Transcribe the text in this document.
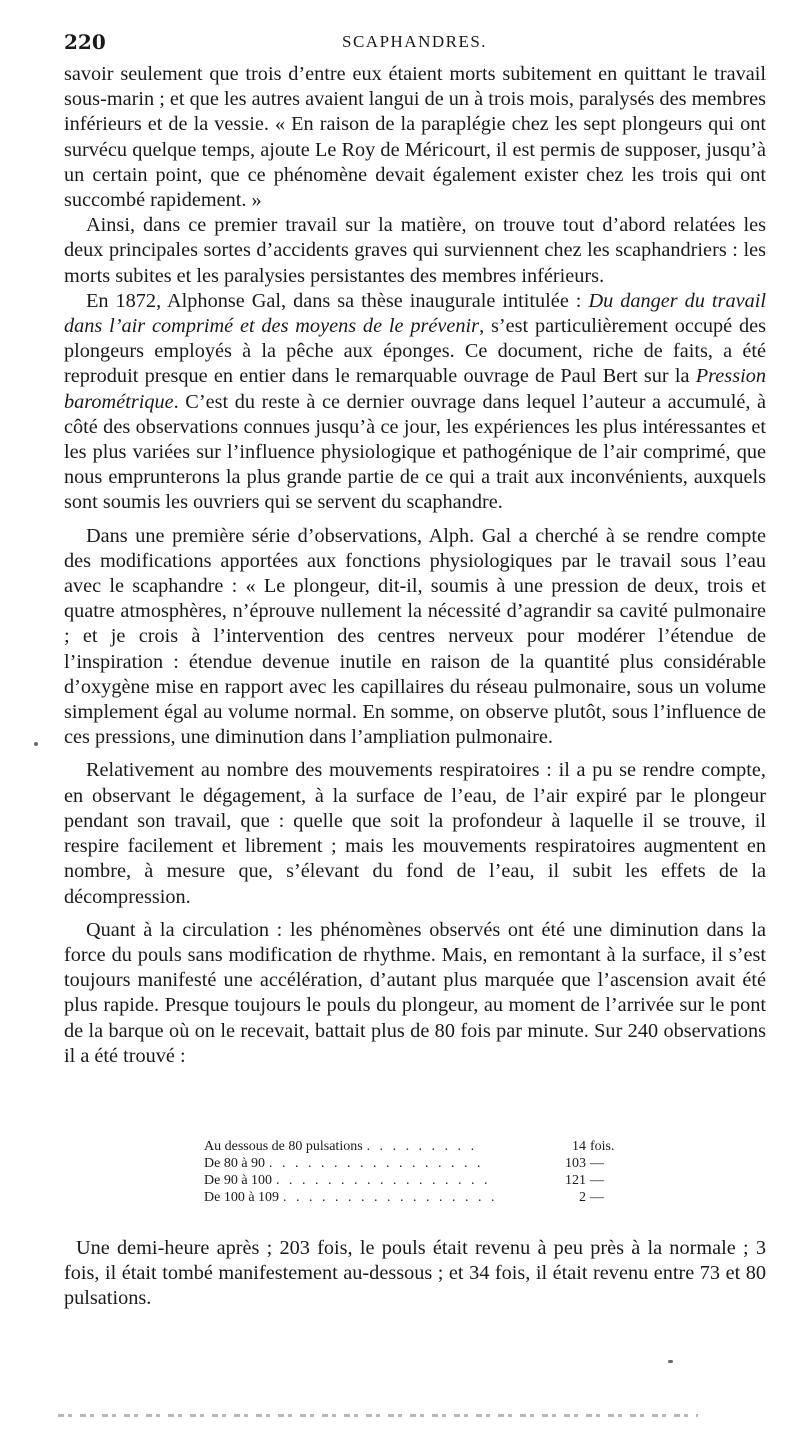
220	SCAPHANDRES.

savoir seulement que trois d’entre eux étaient morts subitement en quittant le travail sous-marin ; et que les autres avaient langui de un à trois mois, paralysés des membres inférieurs et de la vessie. « En raison de la paraplégie chez les sept plongeurs qui ont survécu quelque temps, ajoute Le Roy de Méricourt, il est permis de supposer, jusqu’à un certain point, que ce phénomène devait également exister chez les trois qui ont succombé rapidement. »

Ainsi, dans ce premier travail sur la matière, on trouve tout d’abord relatées les deux principales sortes d’accidents graves qui surviennent chez les scaphandriers : les morts subites et les paralysies persistantes des membres inférieurs.

En 1872, Alphonse Gal, dans sa thèse inaugurale intitulée : Du danger du travail dans l’air comprimé et des moyens de le prévenir, s’est particulièrement occupé des plongeurs employés à la pêche aux éponges. Ce document, riche de faits, a été reproduit presque en entier dans le remarquable ouvrage de Paul Bert sur la Pression barométrique. C’est du reste à ce dernier ouvrage dans lequel l’auteur a accumulé, à côté des observations connues jusqu’à ce jour, les expériences les plus intéressantes et les plus variées sur l’influence physiologique et pathogénique de l’air comprimé, que nous emprunterons la plus grande partie de ce qui a trait aux inconvénients, auxquels sont soumis les ouvriers qui se servent du scaphandre.

Dans une première série d’observations, Alph. Gal a cherché à se rendre compte des modifications apportées aux fonctions physiologiques par le travail sous l’eau avec le scaphandre : « Le plongeur, dit-il, soumis à une pression de deux, trois et quatre atmosphères, n’éprouve nullement la nécessité d’agrandir sa cavité pulmonaire ; et je crois à l’intervention des centres nerveux pour modérer l’étendue de l’inspiration : étendue devenue inutile en raison de la quantité plus considérable d’oxygène mise en rapport avec les capillaires du réseau pulmonaire, sous un volume simplement égal au volume normal. En somme, on observe plutôt, sous l’influence de ces pressions, une diminution dans l’ampliation pulmonaire.

Relativement au nombre des mouvements respiratoires : il a pu se rendre compte, en observant le dégagement, à la surface de l’eau, de l’air expiré par le plongeur pendant son travail, que : quelle que soit la profondeur à laquelle il se trouve, il respire facilement et librement ; mais les mouvements respiratoires augmentent en nombre, à mesure que, s’élevant du fond de l’eau, il subit les effets de la décompression.

Quant à la circulation : les phénomènes observés ont été une diminution dans la force du pouls sans modification de rhythme. Mais, en remontant à la surface, il s’est toujours manifesté une accélération, d’autant plus marquée que l’ascension avait été plus rapide. Presque toujours le pouls du plongeur, au moment de l’arrivée sur le pont de la barque où on le recevait, battait plus de 80 fois par minute. Sur 240 observations il a été trouvé :

Au dessous de 80 pulsations . . . . . . . . .	14 fois.
De 80 à 90 . . . . . . . . . . . . . . . . .	103 —
De 90 à 100 . . . . . . . . . . . . . . . . .	121 —
De 100 à 109 . . . . . . . . . . . . . . . . .	2 —

Une demi-heure après ; 203 fois, le pouls était revenu à peu près à la normale ; 3 fois, il était tombé manifestement au-dessous ; et 34 fois, il était revenu entre 73 et 80 pulsations.
